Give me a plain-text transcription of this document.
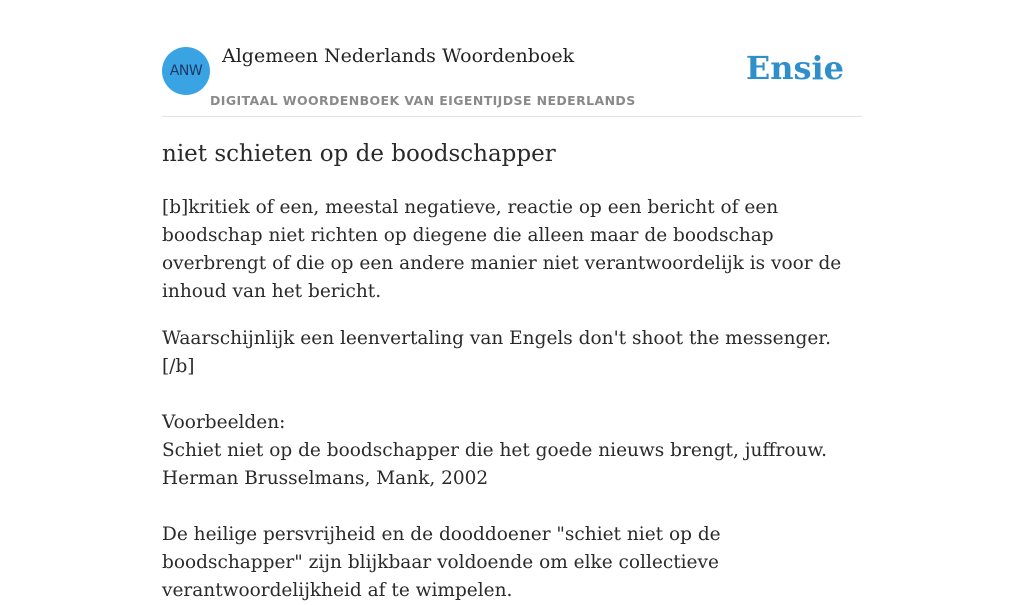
ANW
Algemeen Nederlands Woordenboek
DIGITAAL WOORDENBOEK VAN EIGENTIJDSE NEDERLANDS
Ensie
niet schieten op de boodschapper

[b]kritiek of een, meestal negatieve, reactie op een bericht of een boodschap niet richten op diegene die alleen maar de boodschap overbrengt of die op een andere manier niet verantwoordelijk is voor de inhoud van het bericht.

Waarschijnlijk een leenvertaling van Engels don't shoot the messenger.[/b]

Voorbeelden:

Schiet niet op de boodschapper die het goede nieuws brengt, juffrouw.

Herman Brusselmans, Mank, 2002

De heilige persvrijheid en de dooddoener "schiet niet op de boodschapper" zijn blijkbaar voldoende om elke collectieve verantwoordelijkheid af te wimpelen.
